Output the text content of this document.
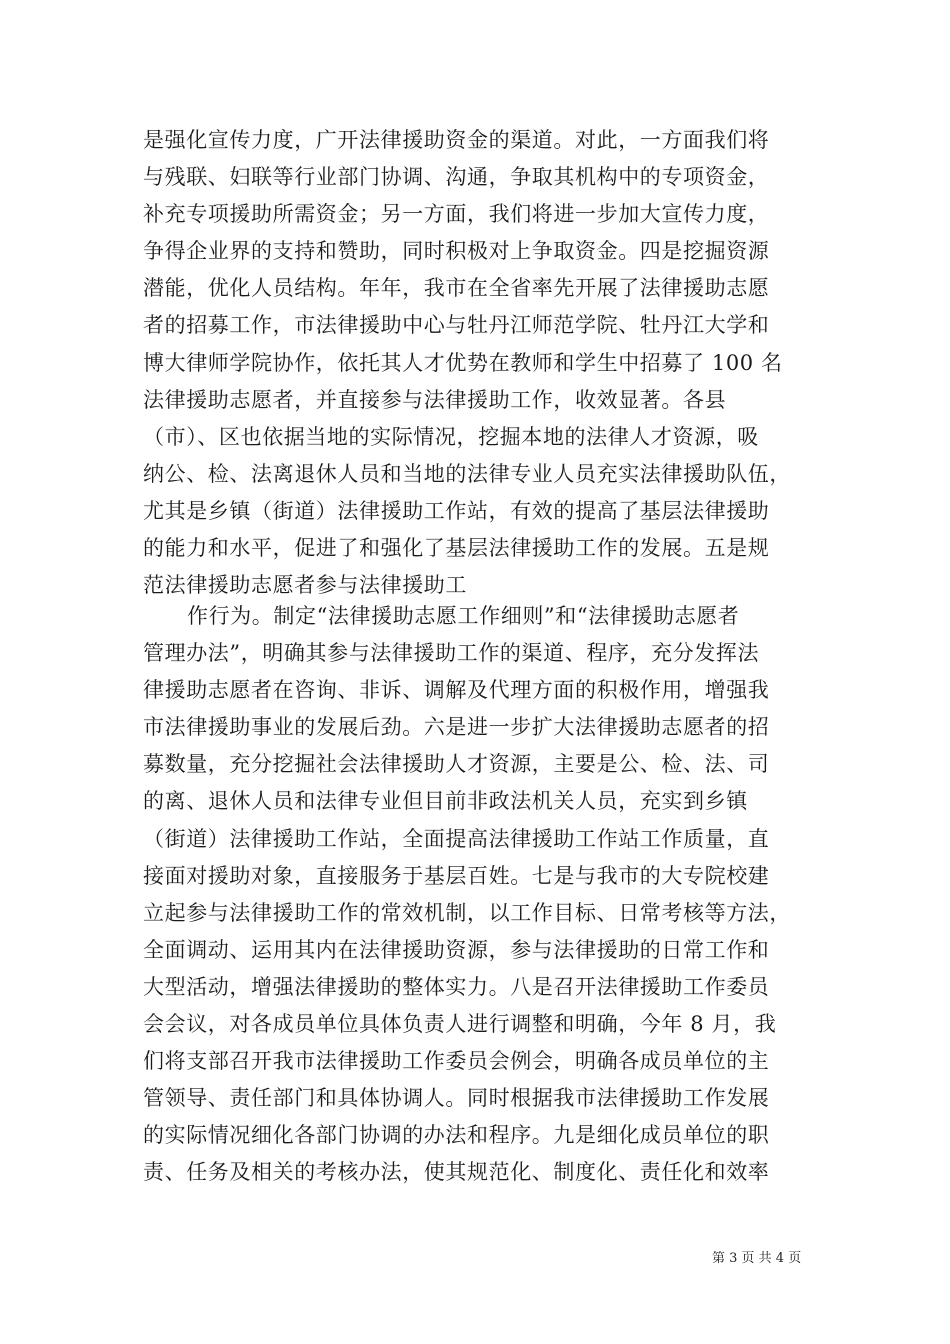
是强化宣传力度，广开法律援助资金的渠道。对此，一方面我们将
与残联、妇联等行业部门协调、沟通，争取其机构中的专项资金，
补充专项援助所需资金；另一方面，我们将进一步加大宣传力度，
争得企业界的支持和赞助，同时积极对上争取资金。四是挖掘资源
潜能，优化人员结构。年年，我市在全省率先开展了法律援助志愿
者的招募工作，市法律援助中心与牡丹江师范学院、牡丹江大学和
博大律师学院协作，依托其人才优势在教师和学生中招募了 100 名
法律援助志愿者，并直接参与法律援助工作，收效显著。各县
（市）、区也依据当地的实际情况，挖掘本地的法律人才资源，吸
纳公、检、法离退休人员和当地的法律专业人员充实法律援助队伍，
尤其是乡镇（街道）法律援助工作站，有效的提高了基层法律援助
的能力和水平，促进了和强化了基层法律援助工作的发展。五是规
范法律援助志愿者参与法律援助工
作行为。制定“法律援助志愿工作细则”和“法律援助志愿者
管理办法”，明确其参与法律援助工作的渠道、程序，充分发挥法
律援助志愿者在咨询、非诉、调解及代理方面的积极作用，增强我
市法律援助事业的发展后劲。六是进一步扩大法律援助志愿者的招
募数量，充分挖掘社会法律援助人才资源，主要是公、检、法、司
的离、退休人员和法律专业但目前非政法机关人员，充实到乡镇
（街道）法律援助工作站，全面提高法律援助工作站工作质量，直
接面对援助对象，直接服务于基层百姓。七是与我市的大专院校建
立起参与法律援助工作的常效机制，以工作目标、日常考核等方法，
全面调动、运用其内在法律援助资源，参与法律援助的日常工作和
大型活动，增强法律援助的整体实力。八是召开法律援助工作委员
会会议，对各成员单位具体负责人进行调整和明确，今年 8 月，我
们将支部召开我市法律援助工作委员会例会，明确各成员单位的主
管领导、责任部门和具体协调人。同时根据我市法律援助工作发展
的实际情况细化各部门协调的办法和程序。九是细化成员单位的职
责、任务及相关的考核办法，使其规范化、制度化、责任化和效率
第 3 页 共 4 页
